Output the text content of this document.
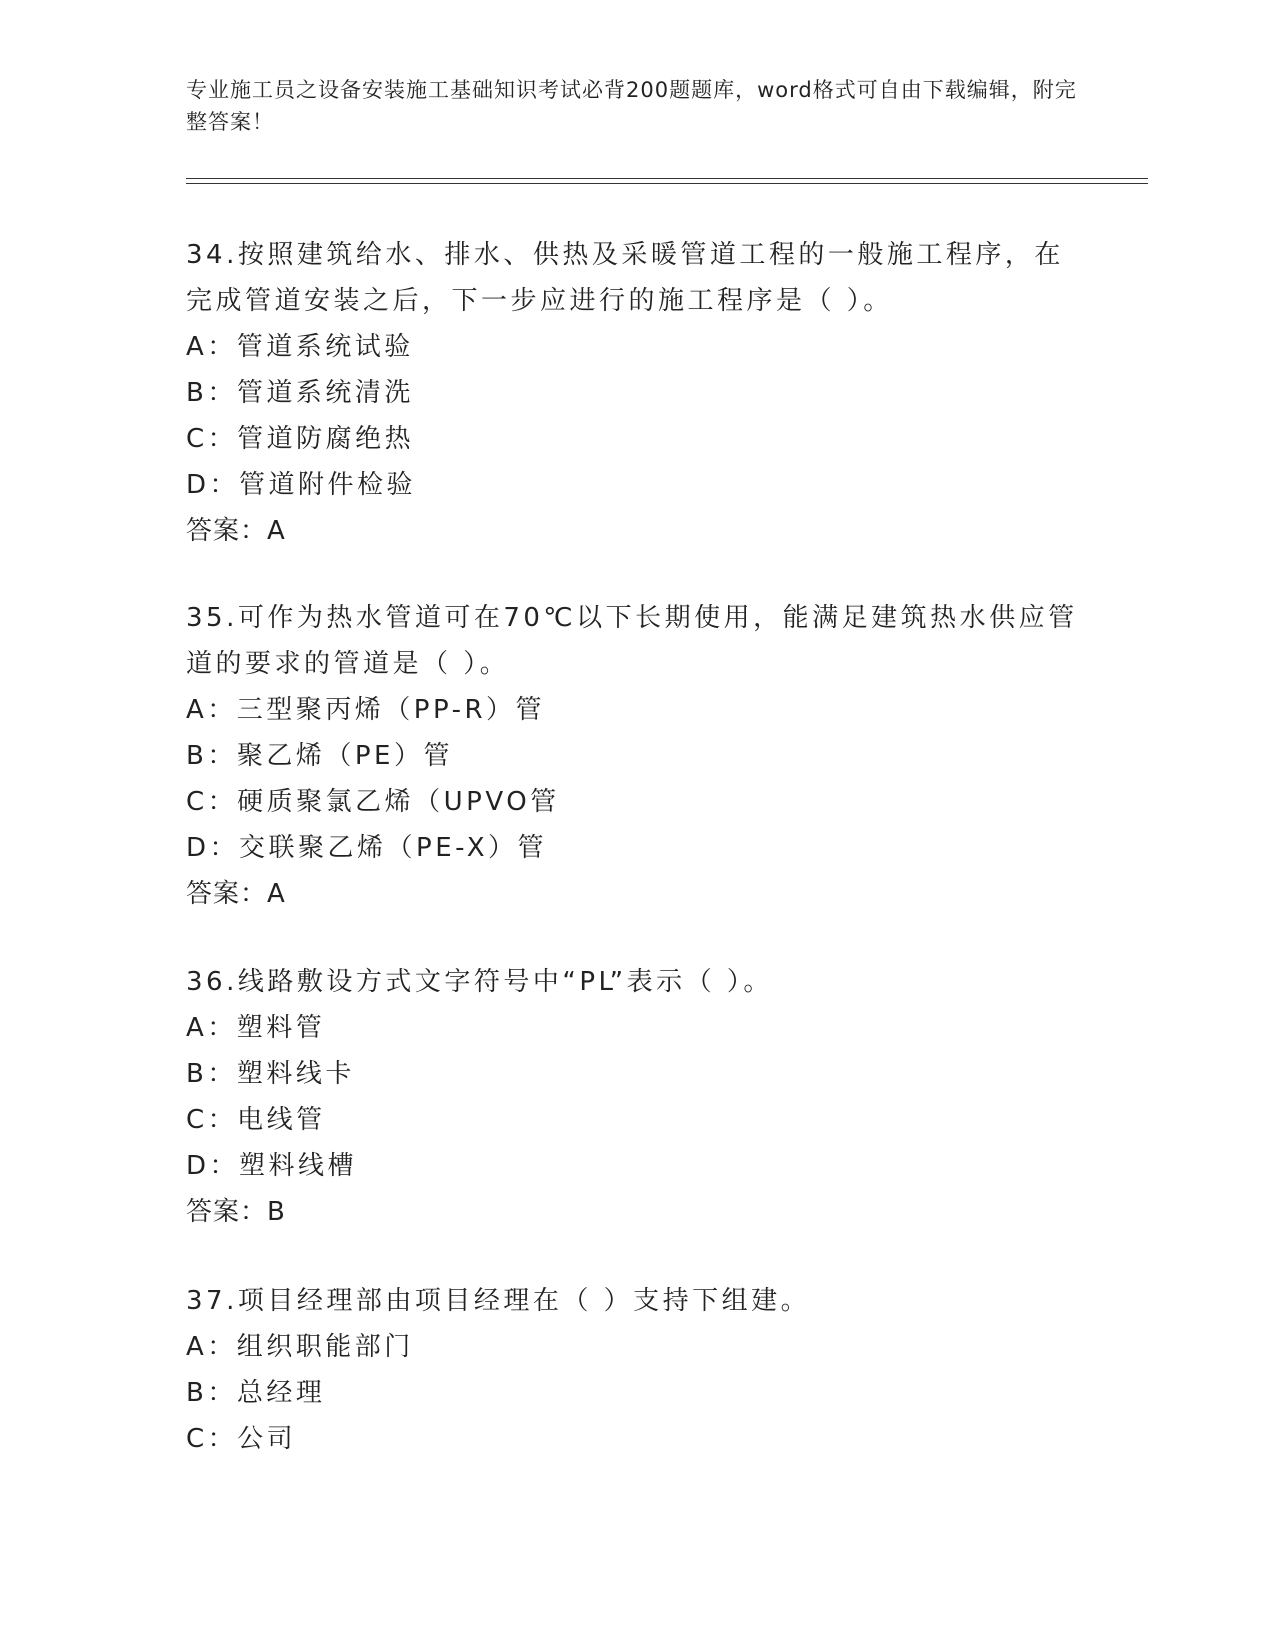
专业施工员之设备安装施工基础知识考试必背200题题库，word格式可自由下载编辑，附完整答案！

34.按照建筑给水、排水、供热及采暖管道工程的一般施工程序，在完成管道安装之后，下一步应进行的施工程序是（ ）。

A：管道系统试验

B：管道系统清洗

C：管道防腐绝热

D：管道附件检验

答案：A

35.可作为热水管道可在70℃以下长期使用，能满足建筑热水供应管道的要求的管道是（ ）。

A：三型聚丙烯（PP-R）管

B：聚乙烯（PE）管

C：硬质聚氯乙烯（UPVO管

D：交联聚乙烯（PE-X）管

答案：A

36.线路敷设方式文字符号中“PL”表示（ ）。

A：塑料管

B：塑料线卡

C：电线管

D：塑料线槽

答案：B

37.项目经理部由项目经理在（ ）支持下组建。

A：组织职能部门

B：总经理

C：公司
